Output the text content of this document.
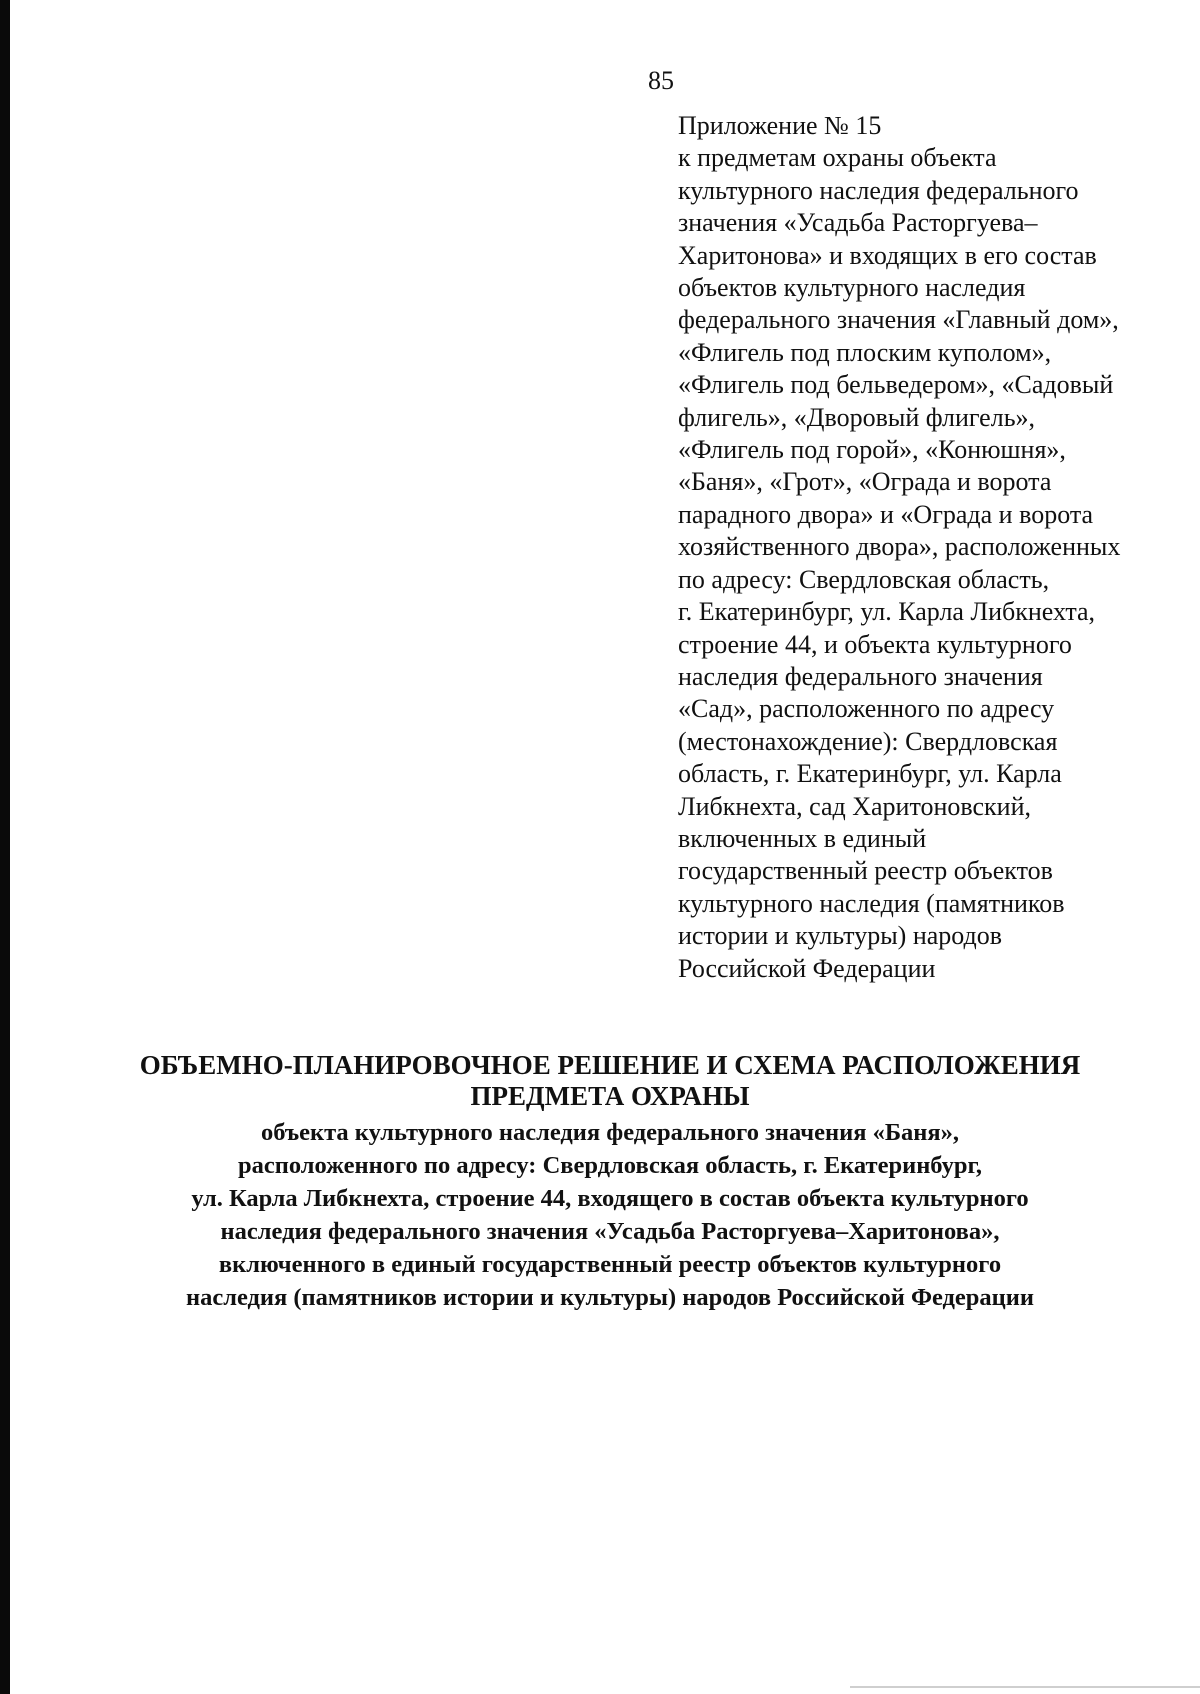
85
Приложение № 15
к предметам охраны объекта
культурного наследия федерального
значения «Усадьба Расторгуева–
Харитонова» и входящих в его состав
объектов культурного наследия
федерального значения «Главный дом»,
«Флигель под плоским куполом»,
«Флигель под бельведером», «Садовый
флигель», «Дворовый флигель»,
«Флигель под горой», «Конюшня»,
«Баня», «Грот», «Ограда и ворота
парадного двора» и «Ограда и ворота
хозяйственного двора», расположенных
по адресу: Свердловская область,
г. Екатеринбург, ул. Карла Либкнехта,
строение 44, и объекта культурного
наследия федерального значения
«Сад», расположенного по адресу
(местонахождение): Свердловская
область, г. Екатеринбург, ул. Карла
Либкнехта, сад Харитоновский,
включенных в единый
государственный реестр объектов
культурного наследия (памятников
истории и культуры) народов
Российской Федерации
ОБЪЕМНО-ПЛАНИРОВОЧНОЕ РЕШЕНИЕ И СХЕМА РАСПОЛОЖЕНИЯ
ПРЕДМЕТА ОХРАНЫ
объекта культурного наследия федерального значения «Баня»,
расположенного по адресу: Свердловская область, г. Екатеринбург,
ул. Карла Либкнехта, строение 44, входящего в состав объекта культурного
наследия федерального значения «Усадьба Расторгуева–Харитонова»,
включенного в единый государственный реестр объектов культурного
наследия (памятников истории и культуры) народов Российской Федерации
